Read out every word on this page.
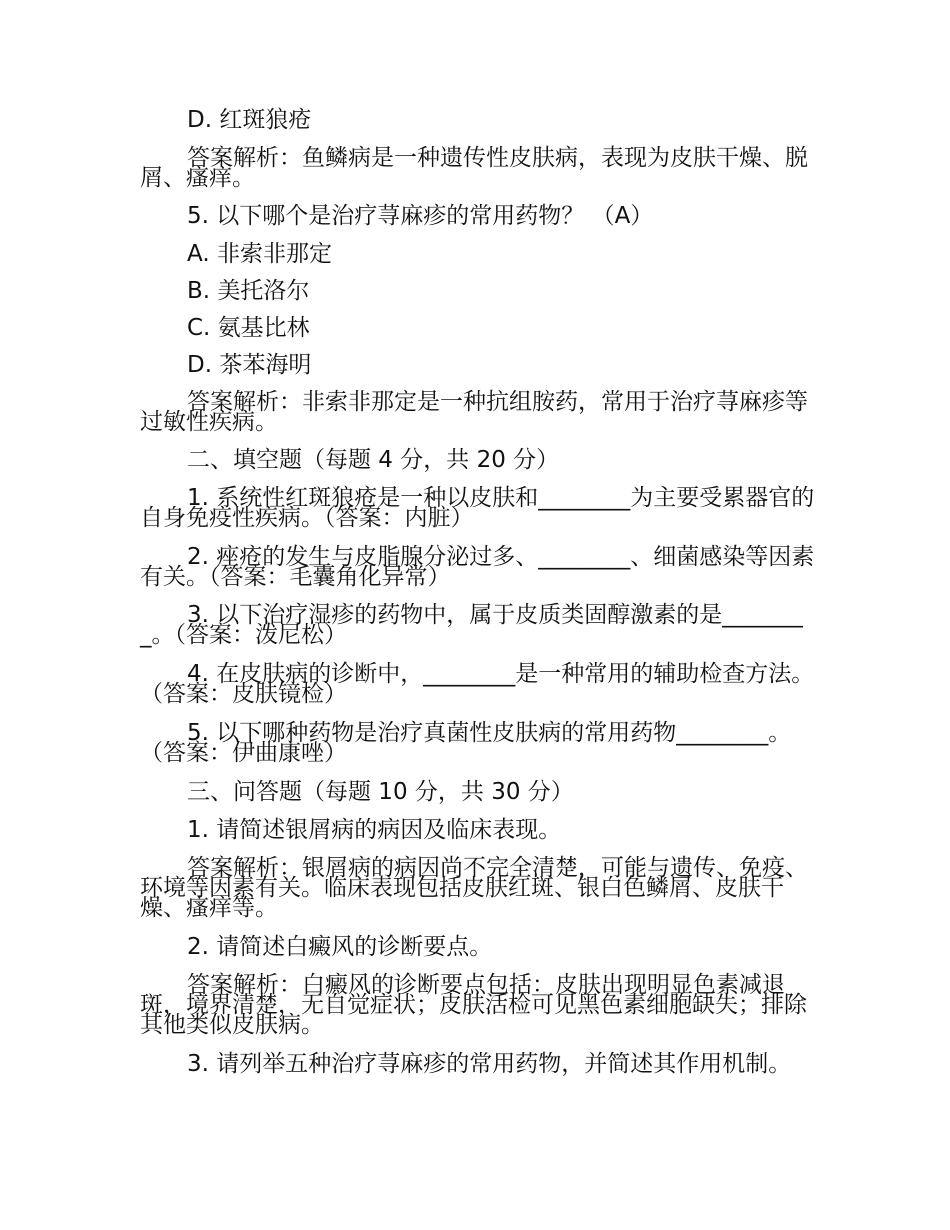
D. 红斑狼疮

答案解析：鱼鳞病是一种遗传性皮肤病，表现为皮肤干燥、脱屑、瘙痒。

5. 以下哪个是治疗荨麻疹的常用药物？ （A）

A. 非索非那定

B. 美托洛尔

C. 氨基比林

D. 茶苯海明

答案解析：非索非那定是一种抗组胺药，常用于治疗荨麻疹等过敏性疾病。

二、填空题（每题 4 分，共 20 分）

1. 系统性红斑狼疮是一种以皮肤和________为主要受累器官的自身免疫性疾病。（答案：内脏）

2. 痤疮的发生与皮脂腺分泌过多、________、细菌感染等因素有关。（答案：毛囊角化异常）

3. 以下治疗湿疹的药物中，属于皮质类固醇激素的是________。（答案：泼尼松）

4. 在皮肤病的诊断中，________是一种常用的辅助检查方法。（答案：皮肤镜检）

5. 以下哪种药物是治疗真菌性皮肤病的常用药物________。（答案：伊曲康唑）

三、问答题（每题 10 分，共 30 分）

1. 请简述银屑病的病因及临床表现。

答案解析：银屑病的病因尚不完全清楚，可能与遗传、免疫、环境等因素有关。临床表现包括皮肤红斑、银白色鳞屑、皮肤干燥、瘙痒等。

2. 请简述白癜风的诊断要点。

答案解析：白癜风的诊断要点包括：皮肤出现明显色素减退斑，境界清楚，无自觉症状；皮肤活检可见黑色素细胞缺失；排除其他类似皮肤病。

3. 请列举五种治疗荨麻疹的常用药物，并简述其作用机制。
